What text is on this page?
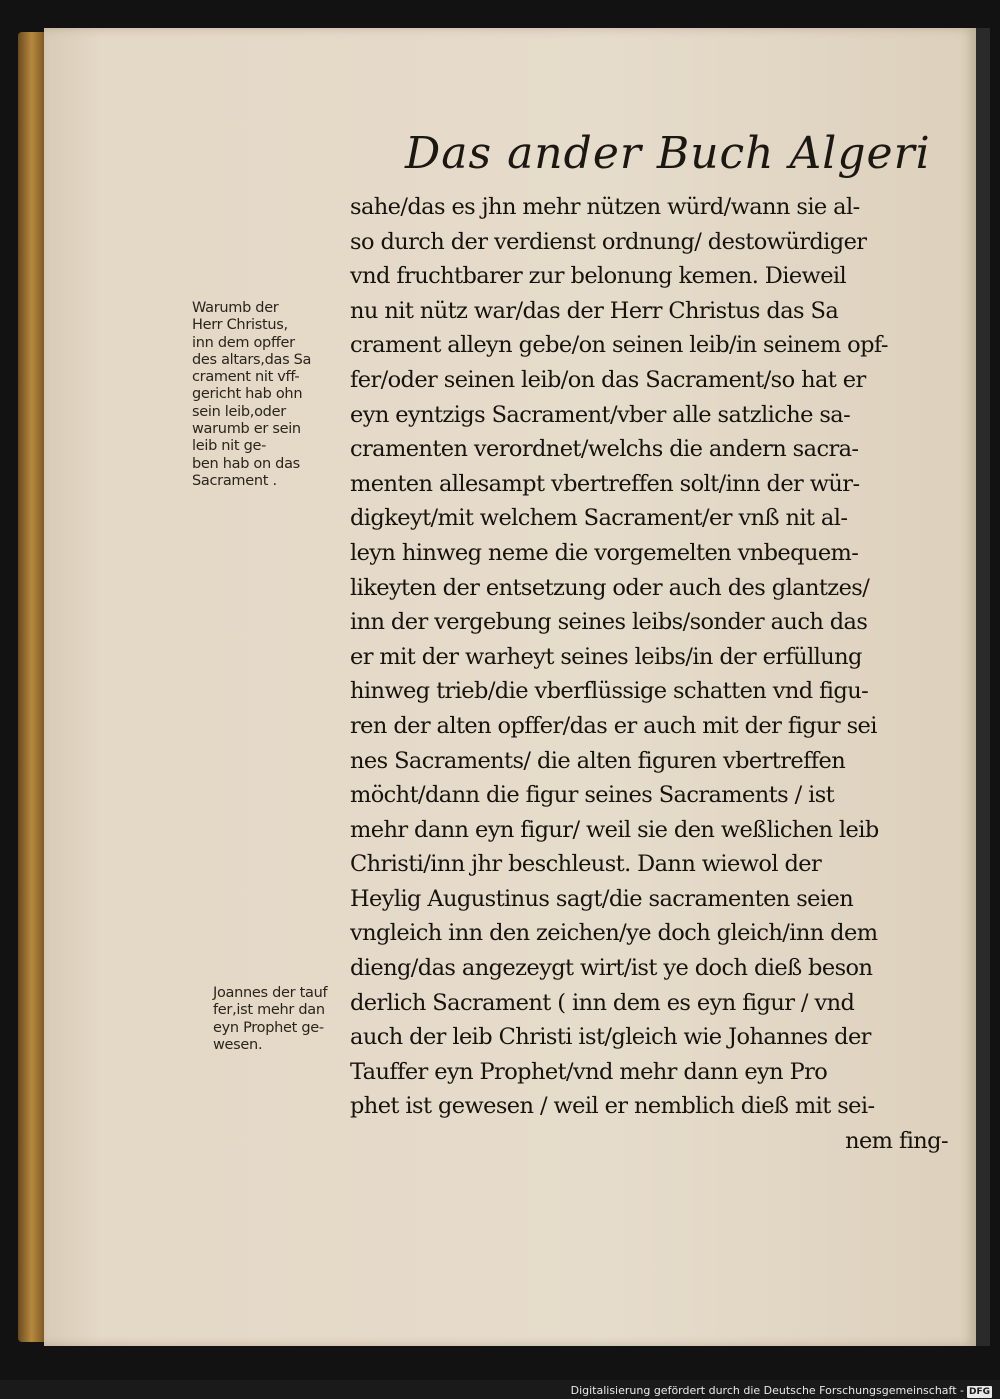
Das ander Buch Algeri
sahe/das es jhn mehr nützen würd/wann sie al-
so durch der verdienst ordnung/ destowürdiger
vnd fruchtbarer zur belonung kemen. Dieweil
nu nit nütz war/das der Herr Christus das Sa
crament alleyn gebe/on seinen leib/in seinem opf-
fer/oder seinen leib/on das Sacrament/so hat er
eyn eyntzigs Sacrament/vber alle satzliche sa-
cramenten verordnet/welchs die andern sacra-
menten allesampt vbertreffen solt/inn der wür-
digkeyt/mit welchem Sacrament/er vnß nit al-
leyn hinweg neme die vorgemelten vnbequem-
likeyten der entsetzung oder auch des glantzes/
inn der vergebung seines leibs/sonder auch das
er mit der warheyt seines leibs/in der erfüllung
hinweg trieb/die vberflüssige schatten vnd figu-
ren der alten opffer/das er auch mit der figur sei
nes Sacraments/ die alten figuren vbertreffen
möcht/dann die figur seines Sacraments / ist
mehr dann eyn figur/ weil sie den weßlichen leib
Christi/inn jhr beschleust. Dann wiewol der
Heylig Augustinus sagt/die sacramenten seien
vngleich inn den zeichen/ye doch gleich/inn dem
dieng/das angezeygt wirt/ist ye doch dieß beson
derlich Sacrament ( inn dem es eyn figur / vnd
auch der leib Christi ist/gleich wie Johannes der
Tauffer eyn Prophet/vnd mehr dann eyn Pro
phet ist gewesen / weil er nemblich dieß mit sei-
nem fing-
Warumb der
Herr Christus,
inn dem opffer
des altars,das Sa
crament nit vff-
gericht hab ohn
sein leib,oder
warumb er sein
leib nit ge-
ben hab on das
Sacrament .
Joannes der tauf
fer,ist mehr dan
eyn Prophet ge-
wesen.
Digitalisierung gefördert durch die Deutsche Forschungsgemeinschaft - DFG
